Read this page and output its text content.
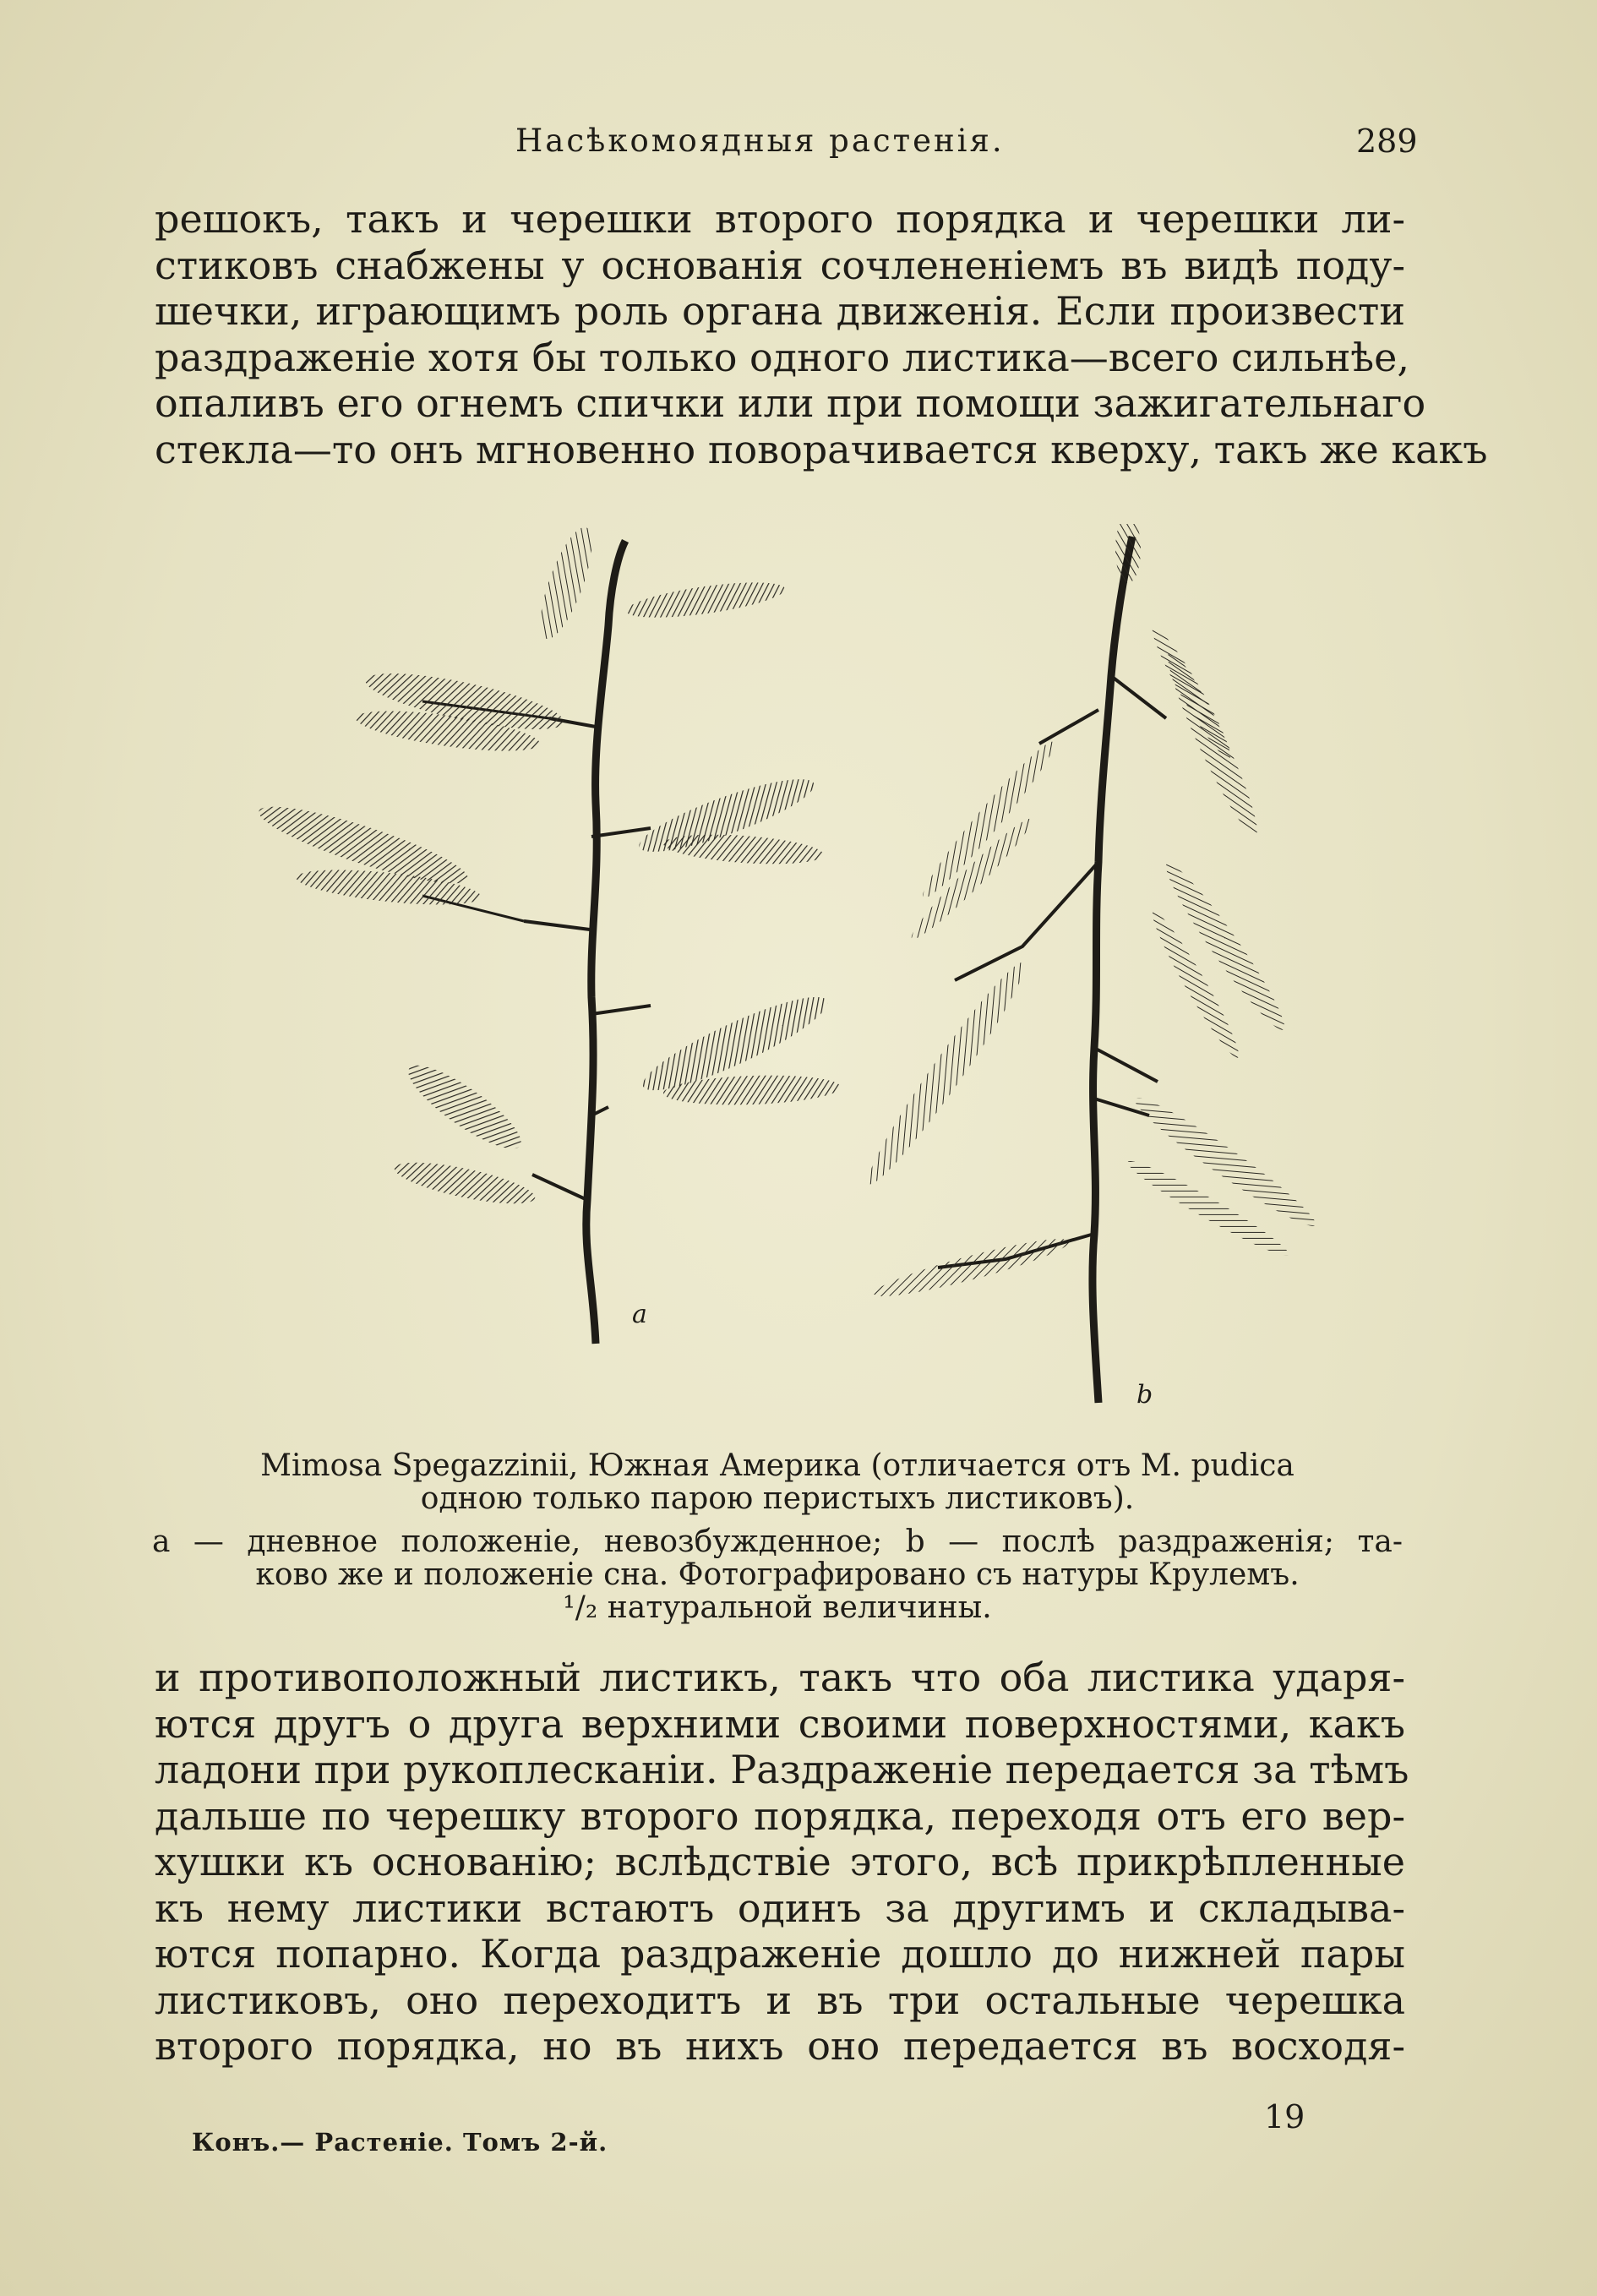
Насѣкомоядныя растенія.	289
решокъ, такъ и черешки второго порядка и черешки ли-
стиковъ снабжены у основанія сочлененіемъ въ видѣ поду-
шечки, играющимъ роль органа движенія. Если произвести
раздраженіе хотя бы только одного листика—всего сильнѣе,
опаливъ его огнемъ спички или при помощи зажигательнаго
стекла—то онъ мгновенно поворачивается кверху, такъ же какъ
a
b
Mimosa Spegazzinii, Южная Америка (отличается отъ M. pudica
одною только парою перистыхъ листиковъ).
a — дневное положеніе, невозбужденное; b — послѣ раздраженія; та-
ково же и положеніе сна. Фотографировано съ натуры Крулемъ.
¹/₂ натуральной величины.
и противоположный листикъ, такъ что оба листика ударя-
ются другъ о друга верхними своими поверхностями, какъ
ладони при рукоплесканіи. Раздраженіе передается за тѣмъ
дальше по черешку второго порядка, переходя отъ его вер-
хушки къ основанію; вслѣдствіе этого, всѣ прикрѣпленные
къ нему листики встаютъ одинъ за другимъ и складыва-
ются попарно. Когда раздраженіе дошло до нижней пары
листиковъ, оно переходитъ и въ три остальные черешка
второго порядка, но въ нихъ оно передается въ восходя-
19
Конъ.— Растеніе. Томъ 2-й.
